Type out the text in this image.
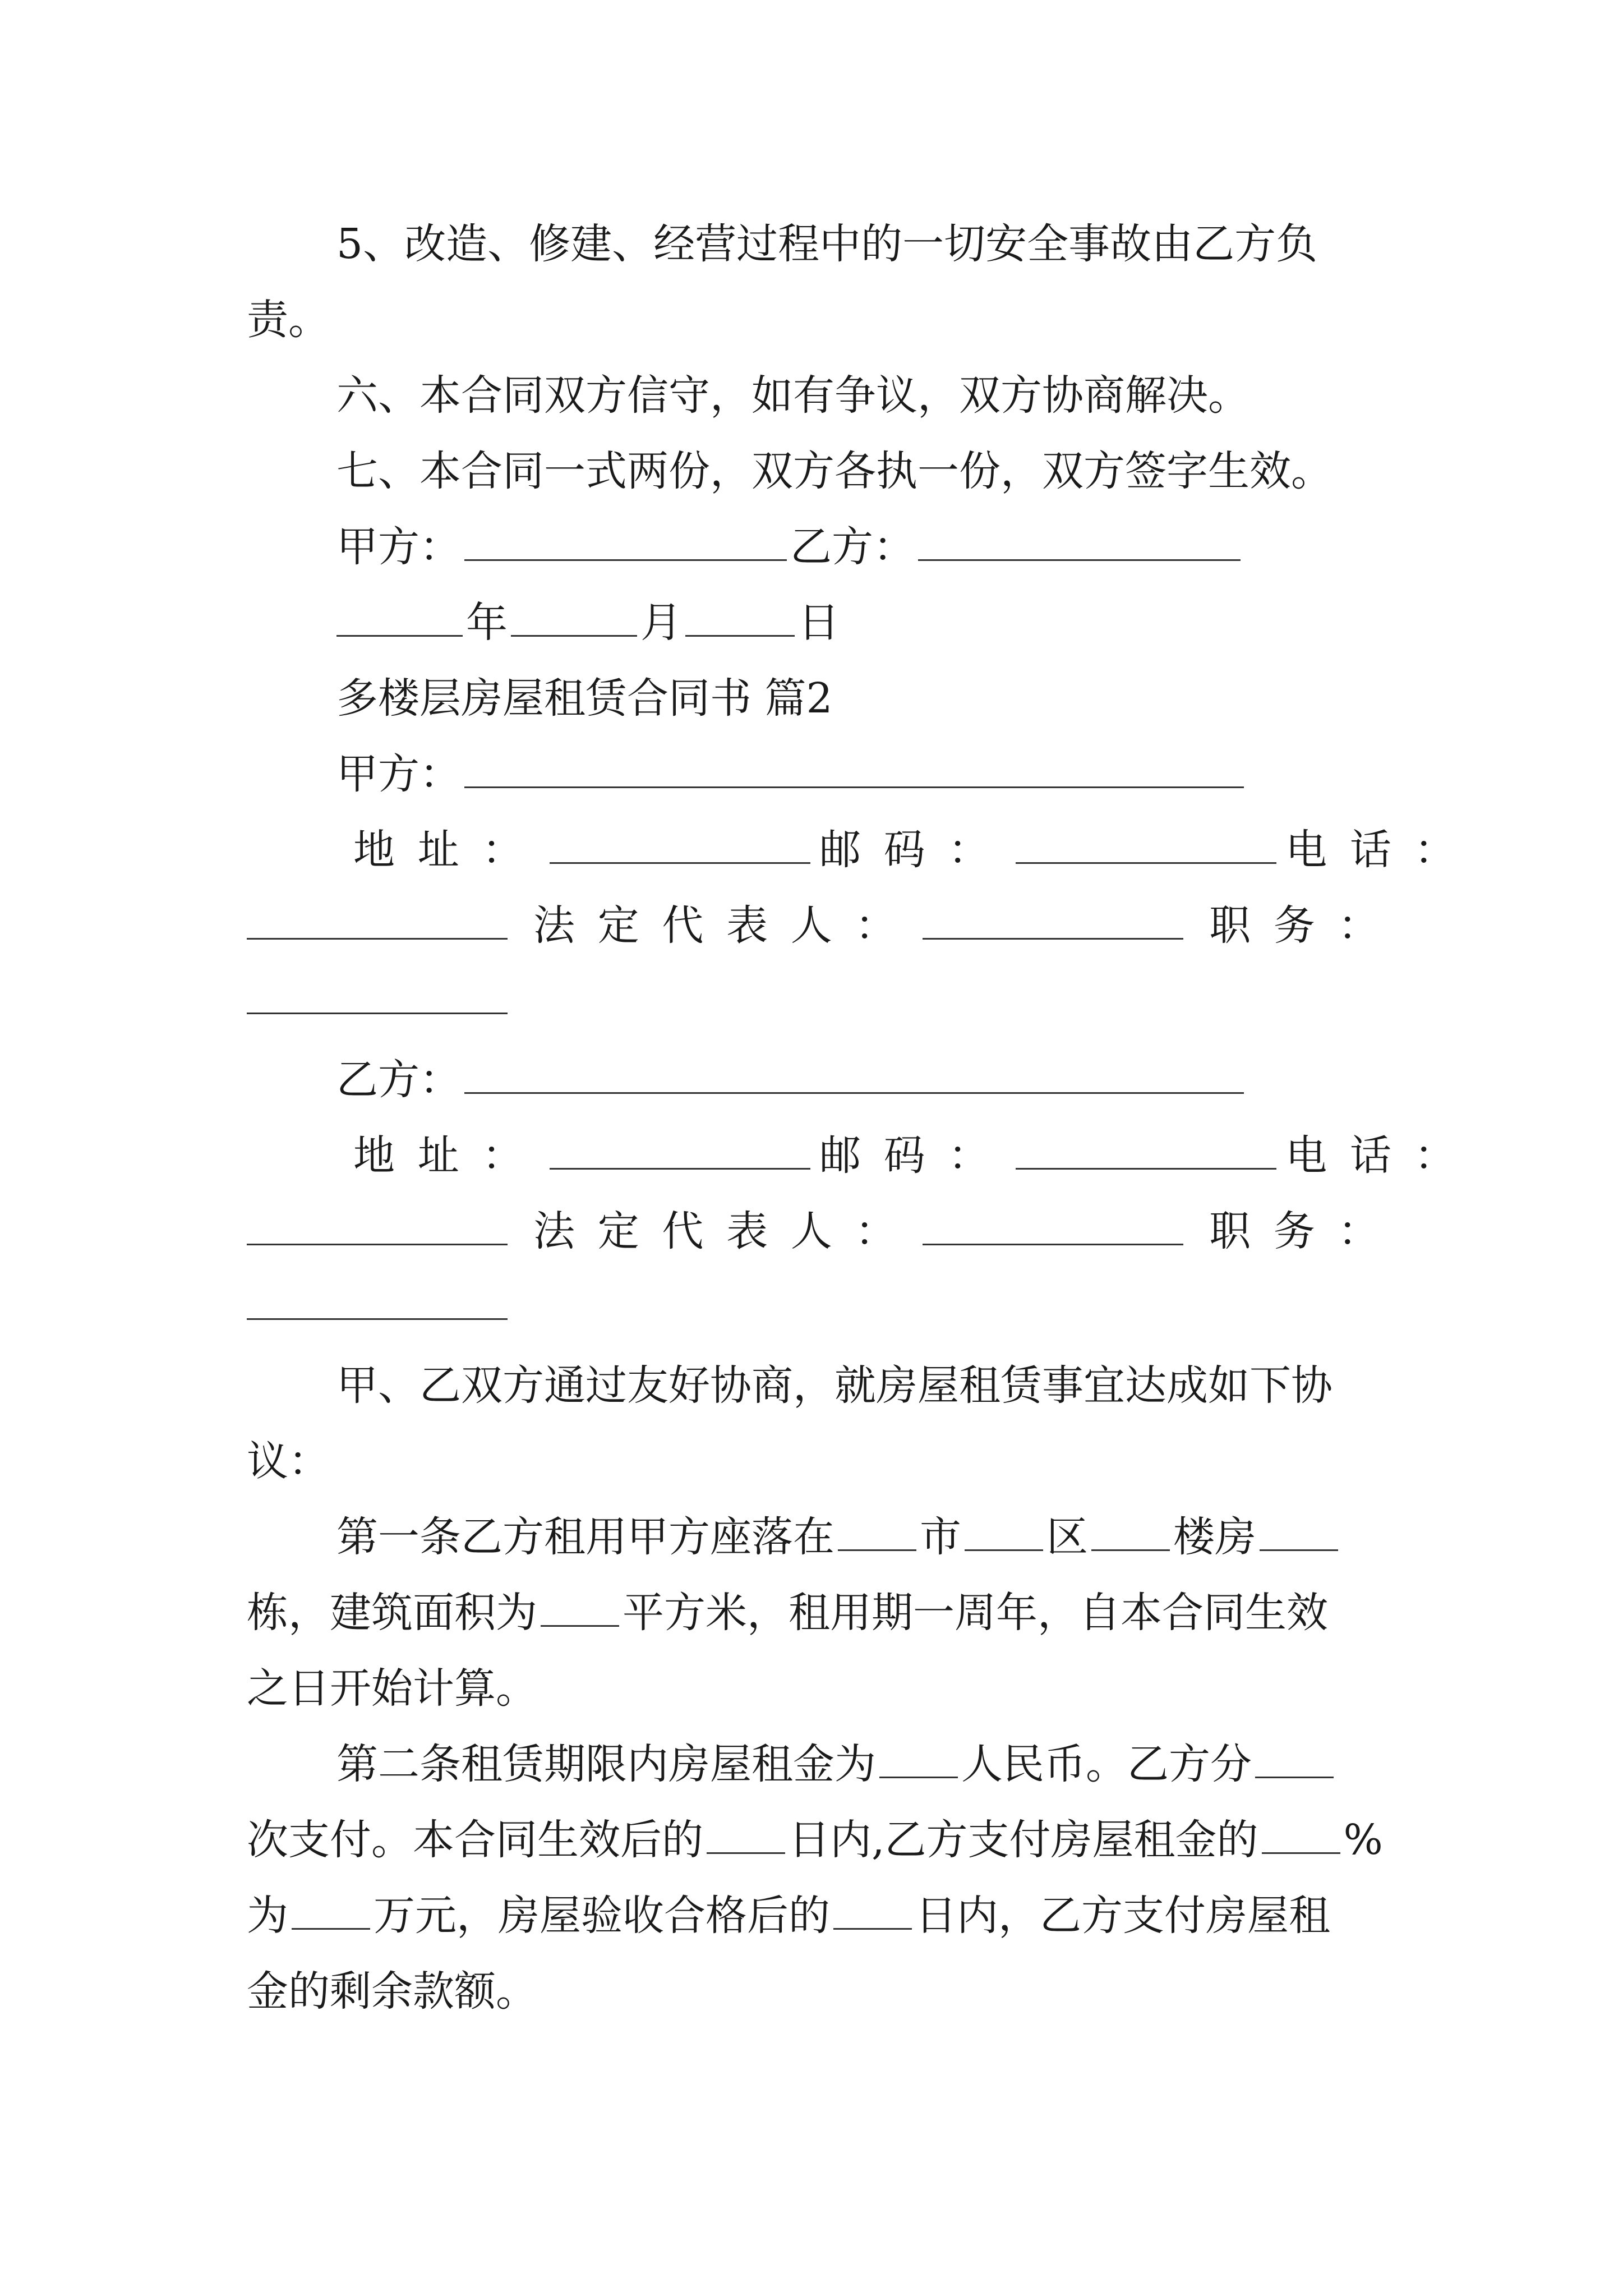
5、改造、修建、经营过程中的一切安全事故由乙方负
责。
六、本合同双方信守，如有争议，双方协商解决。
七、本合同一式两份，双方各执一份，双方签字生效。
甲方：	乙方：
年	月	日
多楼层房屋租赁合同书 篇2
甲方：
地址：	邮码：	电话：
法定代表人：	职务：
乙方：
地址：	邮码：	电话：
法定代表人：	职务：
甲、乙双方通过友好协商，就房屋租赁事宜达成如下协
议：
第一条乙方租用甲方座落在 市 区 楼房
栋，建筑面积为 平方米，租用期一周年，自本合同生效
之日开始计算。
第二条租赁期限内房屋租金为 人民币。乙方分
次支付。本合同生效后的 日内,乙方支付房屋租金的 %
为 万元，房屋验收合格后的 日内，乙方支付房屋租
金的剩余款额。
